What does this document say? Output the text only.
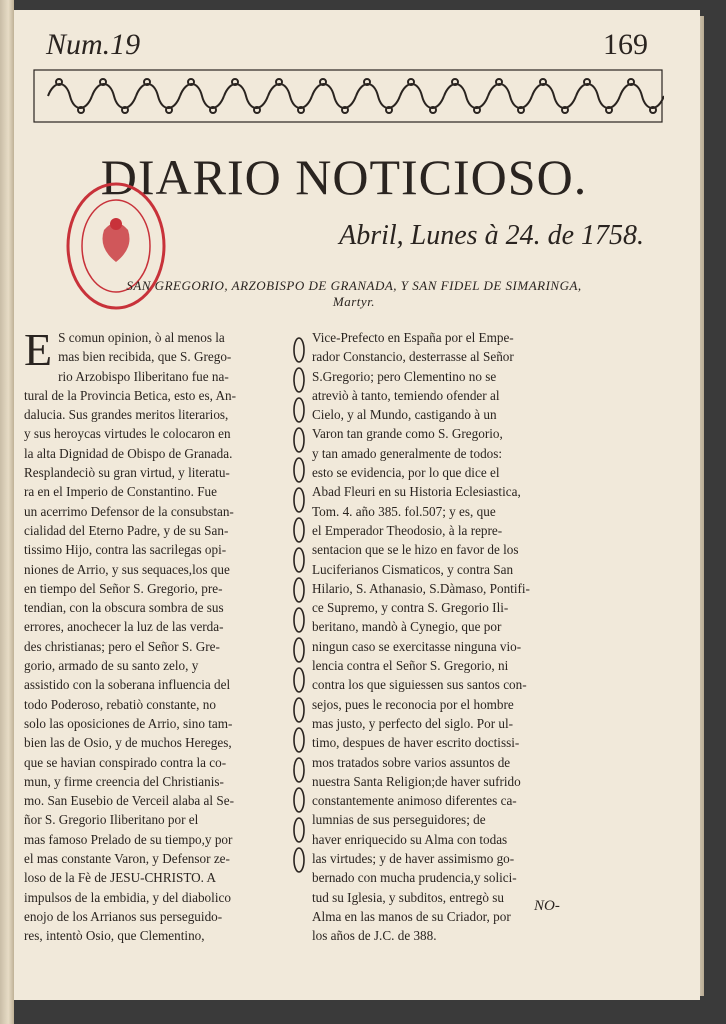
Num.19	169
DIARIO NOTICIOSO.
Abril, Lunes à 24. de 1758.
SAN GREGORIO, ARZOBISPO DE GRANADA, Y SAN FIDEL DE SIMARINGA,
Martyr.
E S comun opinion, ò al menos la
mas bien recibida, que S. Grego-
rio Arzobispo Iliberitano fue na-
tural de la Provincia Betica, esto es, An-
dalucia. Sus grandes meritos literarios,
y sus heroycas virtudes le colocaron en
la alta Dignidad de Obispo de Granada.
Resplandeciò su gran virtud, y literatu-
ra en el Imperio de Constantino. Fue
un acerrimo Defensor de la consubstan-
cialidad del Eterno Padre, y de su San-
tissimo Hijo, contra las sacrilegas opi-
niones de Arrio, y sus sequaces,los que
en tiempo del Señor S. Gregorio, pre-
tendian, con la obscura sombra de sus
errores, anochecer la luz de las verda-
des christianas; pero el Señor S. Gre-
gorio, armado de su santo zelo, y
assistido con la soberana influencia del
todo Poderoso, rebatiò constante, no
solo las oposiciones de Arrio, sino tam-
bien las de Osio, y de muchos Hereges,
que se havian conspirado contra la co-
mun, y firme creencia del Christianis-
mo. San Eusebio de Verceil alaba al Se-
ñor S. Gregorio Iliberitano por el
mas famoso Prelado de su tiempo,y por
el mas constante Varon, y Defensor ze-
loso de la Fè de JESU-CHRISTO. A
impulsos de la embidia, y del diabolico
enojo de los Arrianos sus perseguido-
res, intentò Osio, que Clementino,
Vice-Prefecto en España por el Empe-
rador Constancio, desterrasse al Señor
S.Gregorio; pero Clementino no se
atreviò à tanto, temiendo ofender al
Cielo, y al Mundo, castigando à un
Varon tan grande como S. Gregorio,
y tan amado generalmente de todos:
esto se evidencia, por lo que dice el
Abad Fleuri en su Historia Eclesiastica,
Tom. 4. año 385. fol.507; y es, que
el Emperador Theodosio, à la repre-
sentacion que se le hizo en favor de los
Luciferianos Cismaticos, y contra San
Hilario, S. Athanasio, S.Dàmaso, Pontifi-
ce Supremo, y contra S. Gregorio Ili-
beritano, mandò à Cynegio, que por
ningun caso se exercitasse ninguna vio-
lencia contra el Señor S. Gregorio, ni
contra los que siguiessen sus santos con-
sejos, pues le reconocia por el hombre
mas justo, y perfecto del siglo. Por ul-
timo, despues de haver escrito doctissi-
mos tratados sobre varios assuntos de
nuestra Santa Religion;de haver sufrido
constantemente animoso diferentes ca-
lumnias de sus perseguidores; de
haver enriquecido su Alma con todas
las virtudes; y de haver assimismo go-
bernado con mucha prudencia,y solici-
tud su Iglesia, y subditos, entregò su
Alma en las manos de su Criador, por
los años de J.C. de 388.
NO-
